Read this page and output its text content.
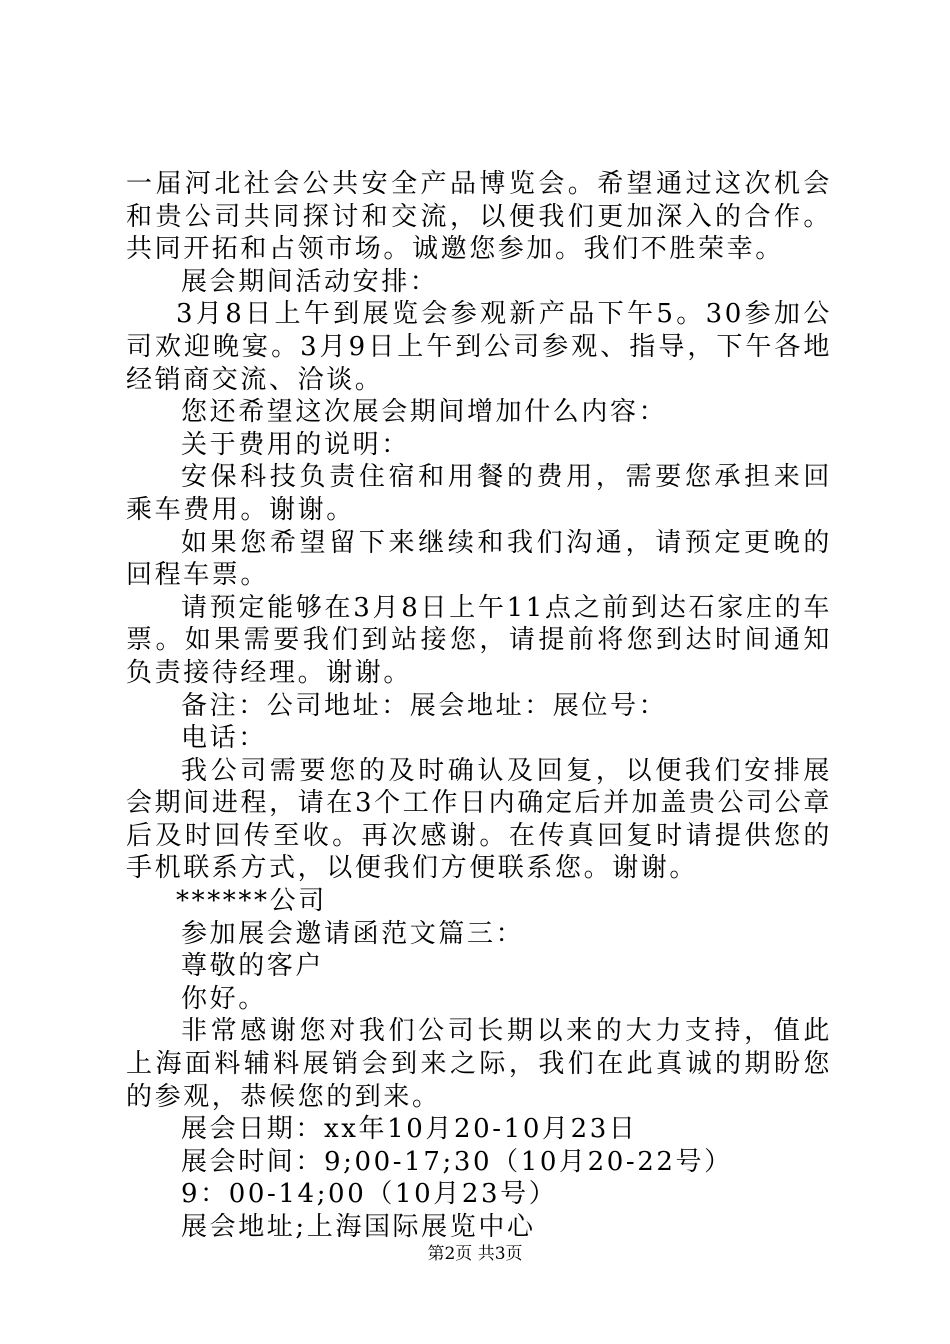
一届河北社会公共安全产品博览会。希望通过这次机会和贵公司共同探讨和交流，以便我们更加深入的合作。共同开拓和占领市场。诚邀您参加。我们不胜荣幸。

展会期间活动安排：

3月8日上午到展览会参观新产品下午5。30参加公司欢迎晚宴。3月9日上午到公司参观、指导，下午各地经销商交流、洽谈。

您还希望这次展会期间增加什么内容：

关于费用的说明：

安保科技负责住宿和用餐的费用，需要您承担来回乘车费用。谢谢。

如果您希望留下来继续和我们沟通，请预定更晚的回程车票。

请预定能够在3月8日上午11点之前到达石家庄的车票。如果需要我们到站接您，请提前将您到达时间通知负责接待经理。谢谢。

备注：公司地址：展会地址：展位号：

电话：

我公司需要您的及时确认及回复，以便我们安排展会期间进程，请在3个工作日内确定后并加盖贵公司公章后及时回传至收。再次感谢。在传真回复时请提供您的手机联系方式，以便我们方便联系您。谢谢。

******公司

参加展会邀请函范文篇三：

尊敬的客户

你好。

非常感谢您对我们公司长期以来的大力支持，值此上海面料辅料展销会到来之际，我们在此真诚的期盼您的参观，恭候您的到来。

展会日期：xx年10月20-10月23日

展会时间：9;00-17;30（10月20-22号）

9：00-14;00（10月23号）

展会地址;上海国际展览中心

第2页 共3页
